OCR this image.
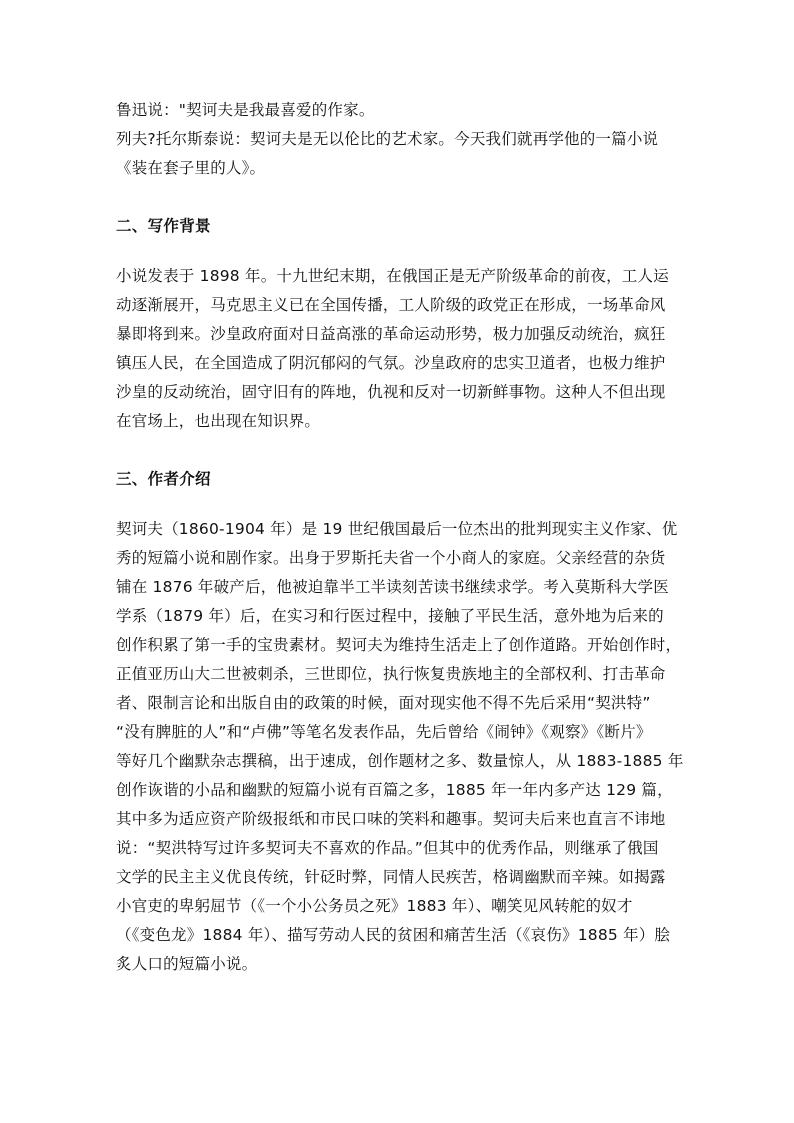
鲁迅说："契诃夫是我最喜爱的作家。
列夫?托尔斯泰说：契诃夫是无以伦比的艺术家。今天我们就再学他的一篇小说
《装在套子里的人》。
二、写作背景
小说发表于 1898 年。十九世纪末期，在俄国正是无产阶级革命的前夜，工人运
动逐渐展开，马克思主义已在全国传播，工人阶级的政党正在形成，一场革命风
暴即将到来。沙皇政府面对日益高涨的革命运动形势，极力加强反动统治，疯狂
镇压人民，在全国造成了阴沉郁闷的气氛。沙皇政府的忠实卫道者，也极力维护
沙皇的反动统治，固守旧有的阵地，仇视和反对一切新鲜事物。这种人不但出现
在官场上，也出现在知识界。
三、作者介绍
契诃夫（1860-1904 年）是 19 世纪俄国最后一位杰出的批判现实主义作家、优
秀的短篇小说和剧作家。出身于罗斯托夫省一个小商人的家庭。父亲经营的杂货
铺在 1876 年破产后，他被迫靠半工半读刻苦读书继续求学。考入莫斯科大学医
学系（1879 年）后，在实习和行医过程中，接触了平民生活，意外地为后来的
创作积累了第一手的宝贵素材。契诃夫为维持生活走上了创作道路。开始创作时，
正值亚历山大二世被刺杀，三世即位，执行恢复贵族地主的全部权利、打击革命
者、限制言论和出版自由的政策的时候，面对现实他不得不先后采用“契洪特”
“没有脾脏的人”和“卢佛”等笔名发表作品，先后曾给《闹钟》《观察》《断片》
等好几个幽默杂志撰稿，出于速成，创作题材之多、数量惊人，从 1883-1885 年
创作诙谐的小品和幽默的短篇小说有百篇之多，1885 年一年内多产达 129 篇，
其中多为适应资产阶级报纸和市民口味的笑料和趣事。契诃夫后来也直言不讳地
说：“契洪特写过许多契诃夫不喜欢的作品。”但其中的优秀作品，则继承了俄国
文学的民主主义优良传统，针砭时弊，同情人民疾苦，格调幽默而辛辣。如揭露
小官吏的卑躬屈节（《一个小公务员之死》1883 年）、嘲笑见风转舵的奴才
（《变色龙》1884 年）、描写劳动人民的贫困和痛苦生活（《哀伤》1885 年）脍
炙人口的短篇小说。
